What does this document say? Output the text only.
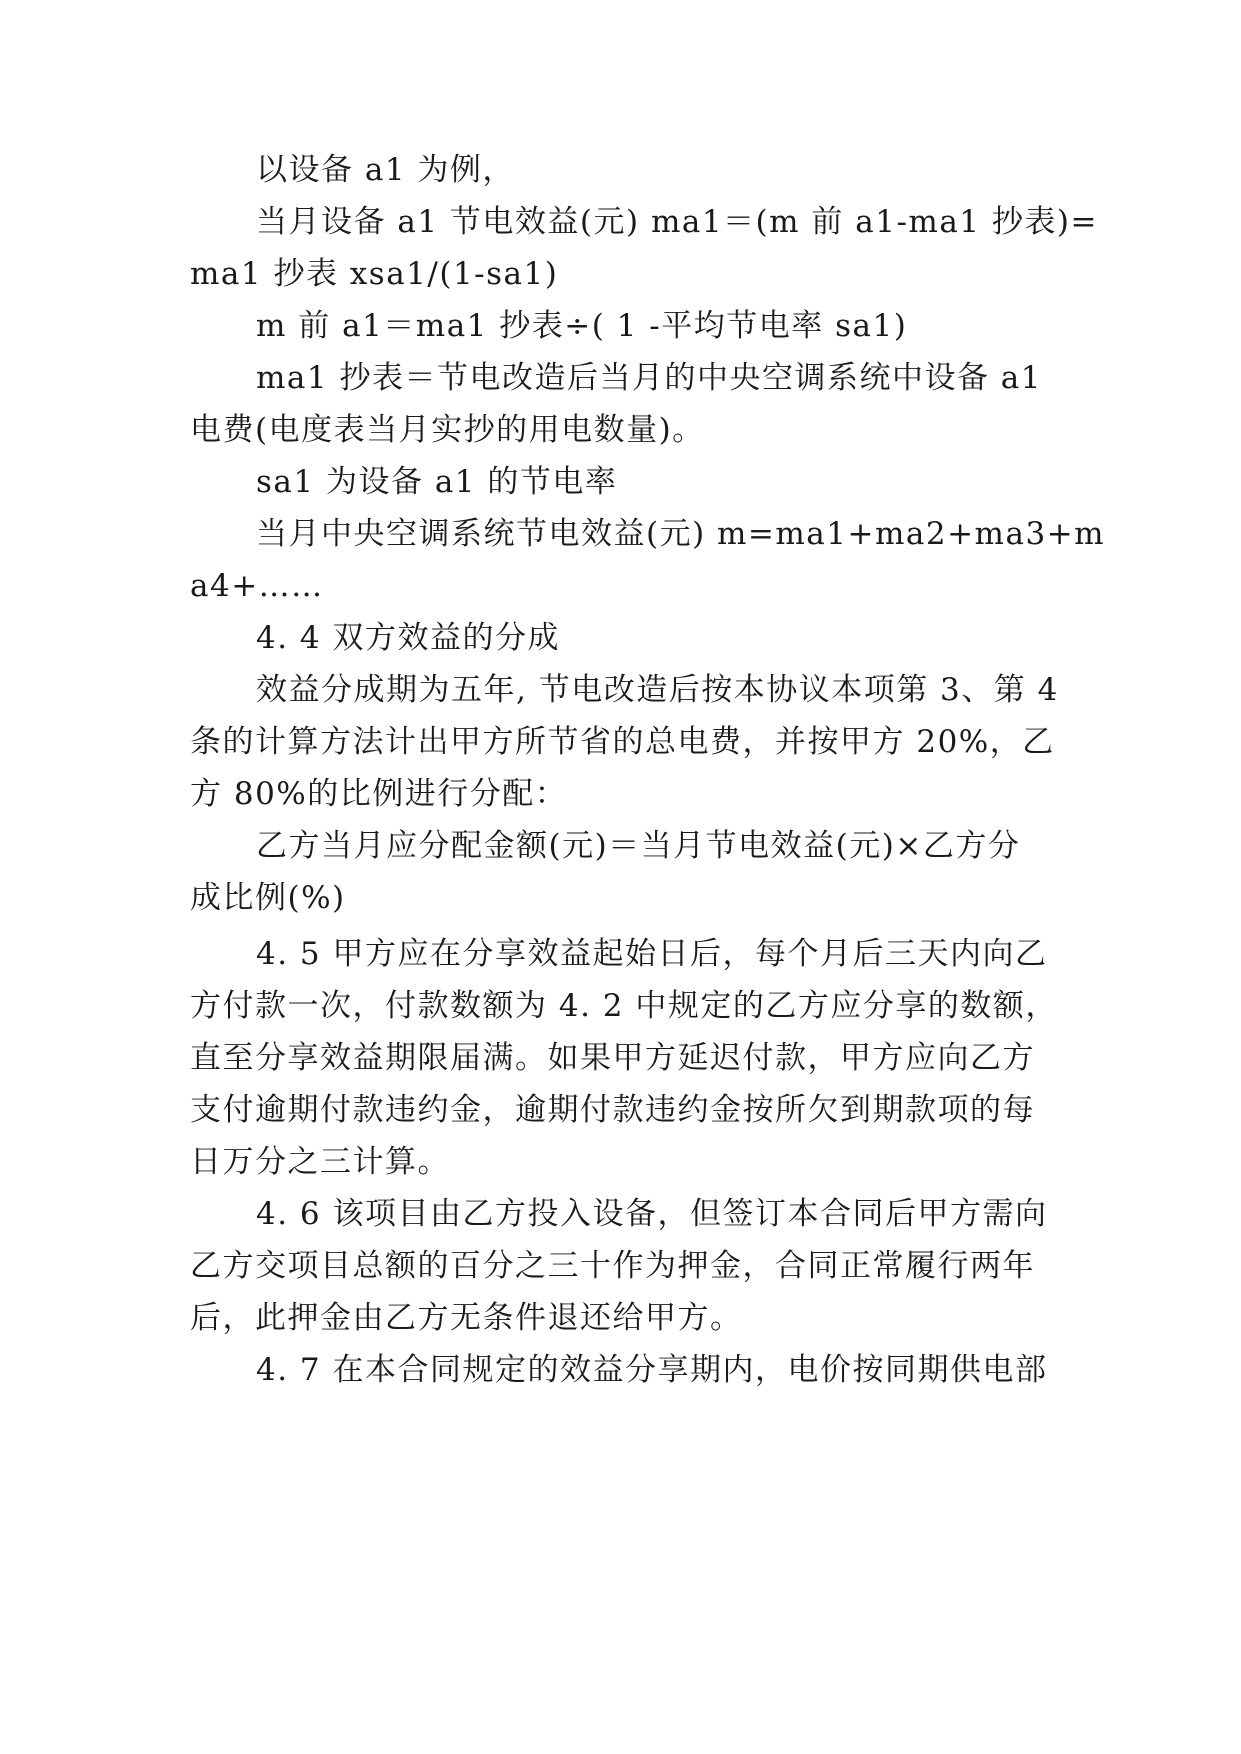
以设备 a1 为例，
当月设备 a1 节电效益(元) ma1＝(m 前 a1-ma1 抄表)=
ma1 抄表 xsa1/(1-sa1)
m 前 a1＝ma1 抄表÷( 1 -平均节电率 sa1)
ma1 抄表＝节电改造后当月的中央空调系统中设备 a1
电费(电度表当月实抄的用电数量)。
sa1 为设备 a1 的节电率
当月中央空调系统节电效益(元) m=ma1+ma2+ma3+m
a4+……
4. 4 双方效益的分成
效益分成期为五年, 节电改造后按本协议本项第 3、第 4
条的计算方法计出甲方所节省的总电费，并按甲方 20%，乙
方 80%的比例进行分配：
乙方当月应分配金额(元)＝当月节电效益(元)×乙方分
成比例(%)
4. 5 甲方应在分享效益起始日后，每个月后三天内向乙
方付款一次，付款数额为 4. 2 中规定的乙方应分享的数额，
直至分享效益期限届满。如果甲方延迟付款，甲方应向乙方
支付逾期付款违约金，逾期付款违约金按所欠到期款项的每
日万分之三计算。
4. 6 该项目由乙方投入设备，但签订本合同后甲方需向
乙方交项目总额的百分之三十作为押金，合同正常履行两年
后，此押金由乙方无条件退还给甲方。
4. 7 在本合同规定的效益分享期内，电价按同期供电部
